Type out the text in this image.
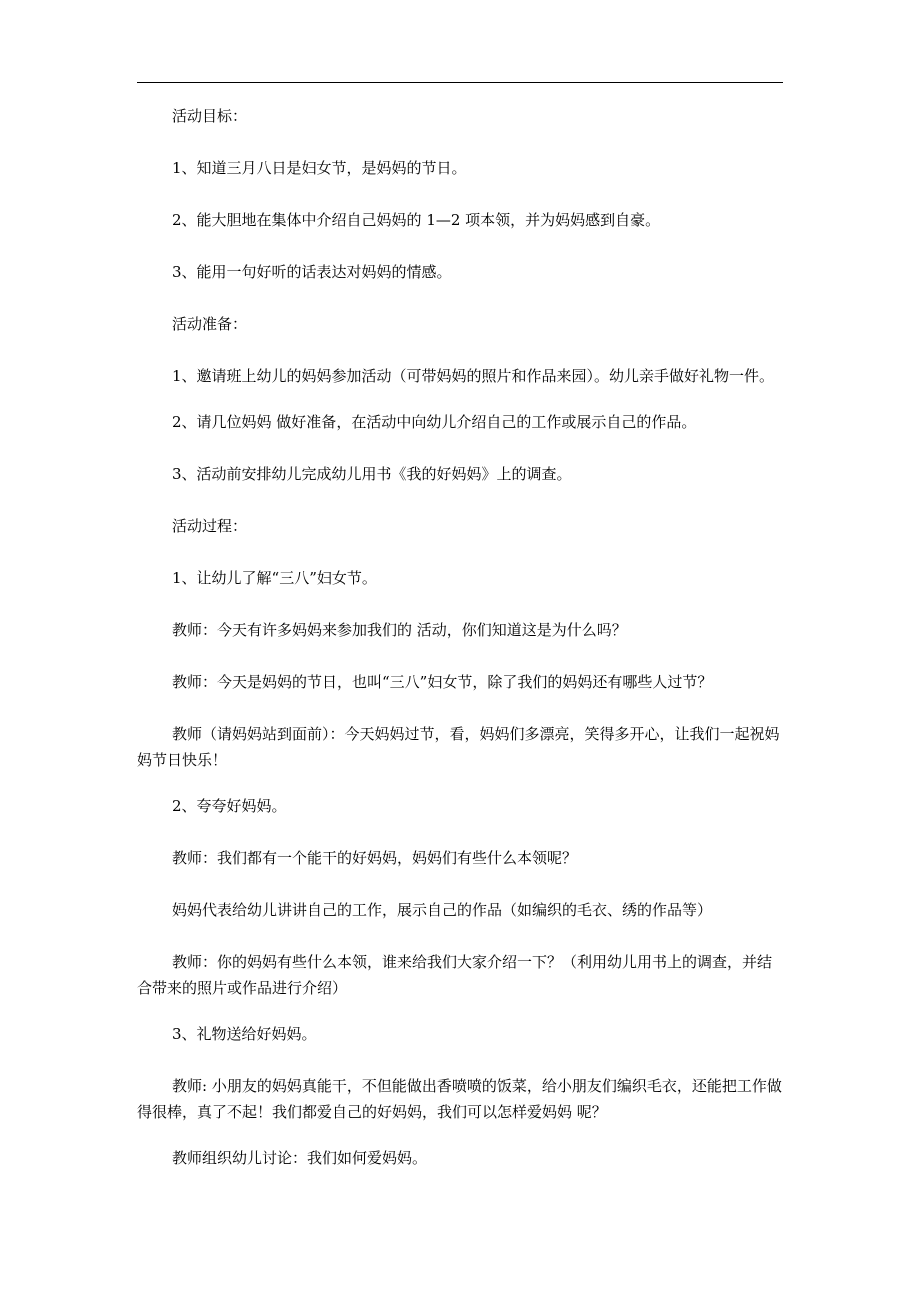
活动目标：

1、知道三月八日是妇女节，是妈妈的节日。

2、能大胆地在集体中介绍自己妈妈的 1—2 项本领，并为妈妈感到自豪。

3、能用一句好听的话表达对妈妈的情感。

活动准备：

1、邀请班上幼儿的妈妈参加活动（可带妈妈的照片和作品来园）。幼儿亲手做好礼物一件。

2、请几位妈妈 做好准备，在活动中向幼儿介绍自己的工作或展示自己的作品。

3、活动前安排幼儿完成幼儿用书《我的好妈妈》上的调查。

活动过程：

1、让幼儿了解“三八”妇女节。

教师：今天有许多妈妈来参加我们的 活动，你们知道这是为什么吗？

教师：今天是妈妈的节日，也叫“三八”妇女节，除了我们的妈妈还有哪些人过节？

教师（请妈妈站到面前）：今天妈妈过节，看，妈妈们多漂亮，笑得多开心，让我们一起祝妈妈节日快乐！

2、夸夸好妈妈。

教师：我们都有一个能干的好妈妈，妈妈们有些什么本领呢？

妈妈代表给幼儿讲讲自己的工作，展示自己的作品（如编织的毛衣、绣的作品等）

教师：你的妈妈有些什么本领，谁来给我们大家介绍一下？（利用幼儿用书上的调查，并结合带来的照片或作品进行介绍）

3、礼物送给好妈妈。

教师: 小朋友的妈妈真能干，不但能做出香喷喷的饭菜，给小朋友们编织毛衣，还能把工作做得很棒，真了不起！我们都爱自己的好妈妈，我们可以怎样爱妈妈 呢？

教师组织幼儿讨论：我们如何爱妈妈。
